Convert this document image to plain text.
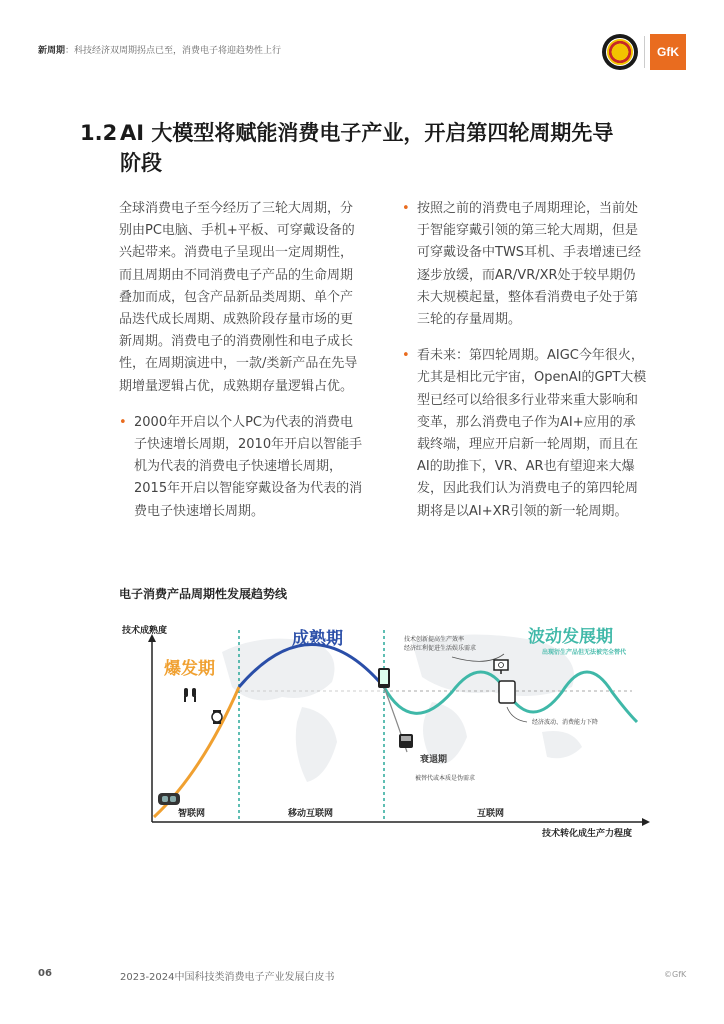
新周期：科技经济双周期拐点已至，消费电子将迎趋势性上行	GfK
1.2 AI 大模型将赋能消费电子产业，开启第四轮周期先导
阶段

全球消费电子至今经历了三轮大周期，分别由PC电脑、手机+平板、可穿戴设备的兴起带来。消费电子呈现出一定周期性，而且周期由不同消费电子产品的生命周期叠加而成，包含产品新品类周期、单个产品迭代成长周期、成熟阶段存量市场的更新周期。消费电子的消费刚性和电子成长性，在周期演进中，一款/类新产品在先导期增量逻辑占优，成熟期存量逻辑占优。

• 2000年开启以个人PC为代表的消费电子快速增长周期，2010年开启以智能手机为代表的消费电子快速增长周期，2015年开启以智能穿戴设备为代表的消费电子快速增长周期。
• 按照之前的消费电子周期理论，当前处于智能穿戴引领的第三轮大周期，但是可穿戴设备中TWS耳机、手表增速已经逐步放缓，而AR/VR/XR处于较早期仍未大规模起量，整体看消费电子处于第三轮的存量周期。
• 看未来：第四轮周期。AIGC今年很火，尤其是相比元宇宙，OpenAI的GPT大模型已经可以给很多行业带来重大影响和变革，那么消费电子作为AI+应用的承载终端，理应开启新一轮周期，而且在AI的助推下，VR、AR也有望迎来大爆发，因此我们认为消费电子的第四轮周期将是以AI+XR引领的新一轮周期。
电子消费产品周期性发展趋势线
技术成熟度
技术转化成生产力程度
爆发期
成熟期	波动发展期
出现衍生产品但无法被完全替代
衰退期
技术创新提高生产效率
经济红利促进生活娱乐需求
经济波动、消费能力下降
被替代或本质是伪需求
智联网	移动互联网	互联网
06	2023-2024中国科技类消费电子产业发展白皮书	©GfK
